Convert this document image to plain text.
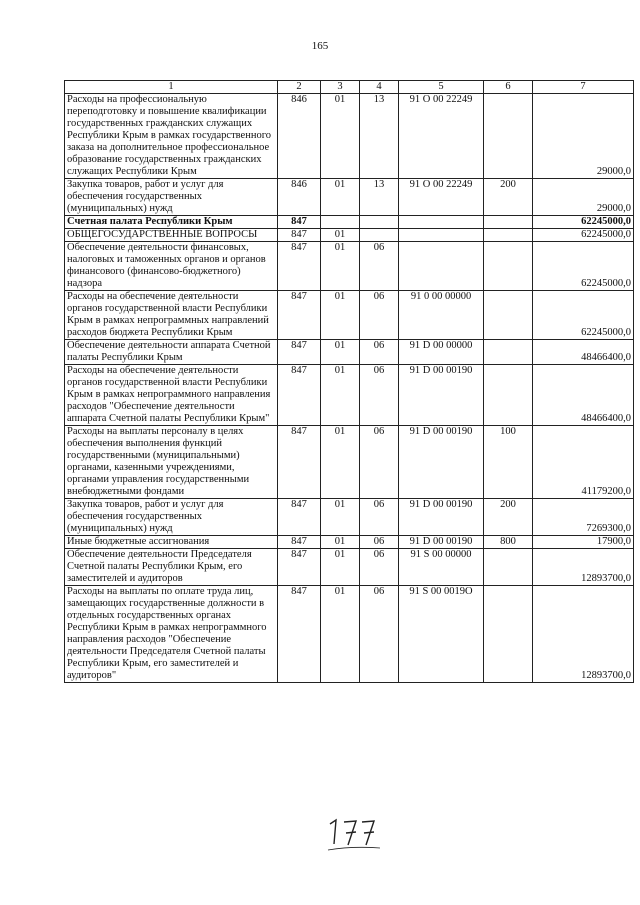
165
1	2	3	4	5	6	7
Расходы на профессиональную переподготовку и повышение квалификации государственных гражданских служащих Республики Крым в рамках государственного заказа на дополнительное профессиональное образование государственных гражданских служащих Республики Крым	846	01	13	91 О 00 22249		29000,0
Закупка товаров, работ и услуг для обеспечения государственных (муниципальных) нужд	846	01	13	91 О 00 22249	200	29000,0
Счетная палата Республики Крым	847					62245000,0
ОБЩЕГОСУДАРСТВЕННЫЕ ВОПРОСЫ	847	01				62245000,0
Обеспечение деятельности финансовых, налоговых и таможенных органов и органов финансового (финансово-бюджетного) надзора	847	01	06			62245000,0
Расходы на обеспечение деятельности органов государственной власти Республики Крым в рамках непрограммных направлений расходов бюджета Республики Крым	847	01	06	91 0 00 00000		62245000,0
Обеспечение деятельности аппарата Счетной палаты Республики Крым	847	01	06	91 D 00 00000		48466400,0
Расходы на обеспечение деятельности органов государственной власти Республики Крым в рамках непрограммного направления расходов "Обеспечение деятельности аппарата Счетной палаты Республики Крым"	847	01	06	91 D 00 00190		48466400,0
Расходы на выплаты персоналу в целях обеспечения выполнения функций государственными (муниципальными) органами, казенными учреждениями, органами управления государственными внебюджетными фондами	847	01	06	91 D 00 00190	100	41179200,0
Закупка товаров, работ и услуг для обеспечения государственных (муниципальных) нужд	847	01	06	91 D 00 00190	200	7269300,0
Иные бюджетные ассигнования	847	01	06	91 D 00 00190	800	17900,0
Обеспечение деятельности Председателя Счетной палаты Республики Крым, его заместителей и аудиторов	847	01	06	91 S 00 00000		12893700,0
Расходы на выплаты по оплате труда лиц, замещающих государственные должности в отдельных государственных органах Республики Крым в рамках непрограммного направления расходов "Обеспечение деятельности Председателя Счетной палаты Республики Крым, его заместителей и аудиторов"	847	01	06	91 S 00 0019О		12893700,0
